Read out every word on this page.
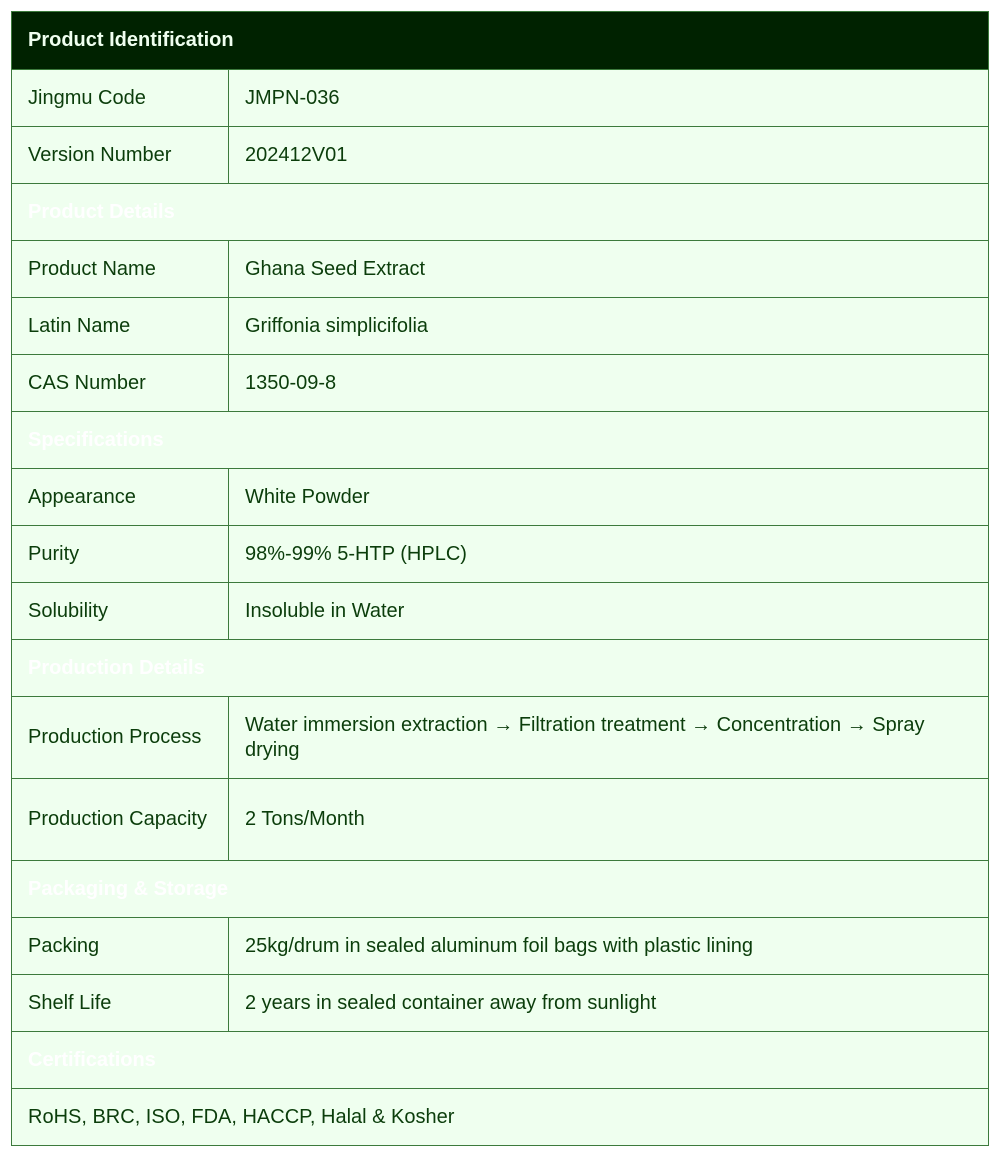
Product Identification	
Jingmu Code	JMPN-036
Version Number	202412V01
Product Details	
Product Name	Ghana Seed Extract
Latin Name	Griffonia simplicifolia
CAS Number	1350-09-8
Specifications	
Appearance	White Powder
Purity	98%-99% 5-HTP (HPLC)
Solubility	Insoluble in Water
Production Details	
Production Process	Water immersion extraction → Filtration treatment → Concentration → Spray drying
Production Capacity	2 Tons/Month
Packaging & Storage	
Packing	25kg/drum in sealed aluminum foil bags with plastic lining
Shelf Life	2 years in sealed container away from sunlight
Certifications	
RoHS, BRC, ISO, FDA, HACCP, Halal & Kosher	
